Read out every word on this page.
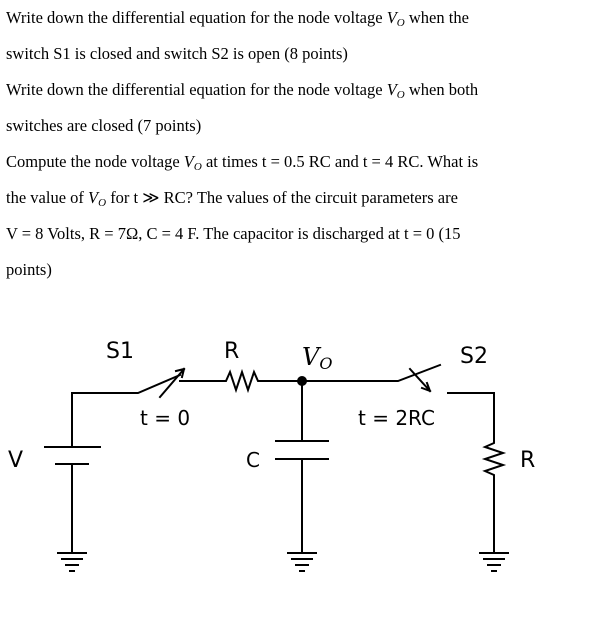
Write down the differential equation for the node voltage $V_O$ when the
switch S1 is closed and switch S2 is open (8 points)
Write down the differential equation for the node voltage $V_O$ when both
switches are closed (7 points)
Compute the node voltage $V_O$ at times t = 0.5 RC and t = 4 RC. What is
the value of $V_O$ for t ≫ RC? The values of the circuit parameters are
V = 8 Volts, R = 7Ω, C = 4 F. The capacitor is discharged at t = 0 (15
points)
S1
t = 0
R	VO	S2
t = 2RC
V	C	R
